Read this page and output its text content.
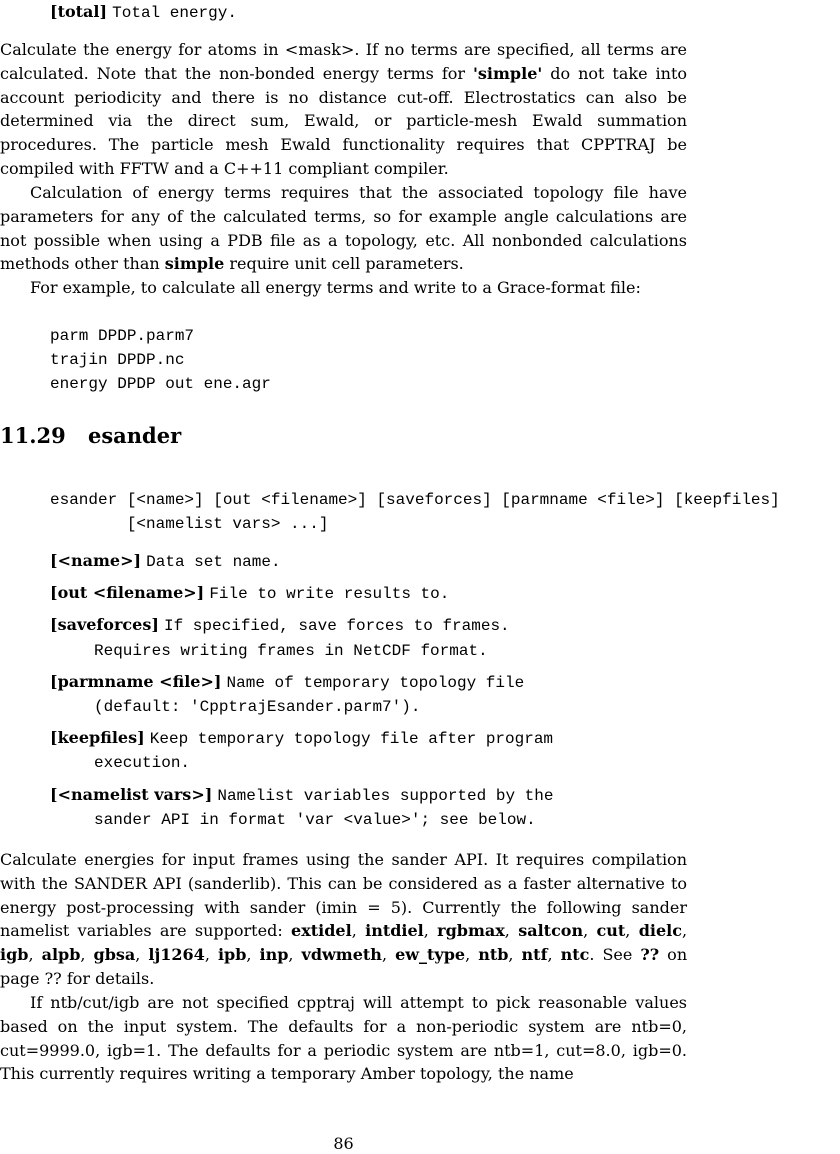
[total] Total energy.

Calculate the energy for atoms in <mask>. If no terms are specified, all terms are calculated. Note that the non-bonded energy terms for 'simple' do not take into account periodicity and there is no distance cut-off. Electrostatics can also be determined via the direct sum, Ewald, or particle-mesh Ewald summation procedures. The particle mesh Ewald functionality requires that CPPTRAJ be compiled with FFTW and a C++11 compliant compiler.

Calculation of energy terms requires that the associated topology file have parameters for any of the calculated terms, so for example angle calculations are not possible when using a PDB file as a topology, etc. All nonbonded calculations methods other than simple require unit cell parameters.

For example, to calculate all energy terms and write to a Grace-format file:

parm DPDP.parm7
trajin DPDP.nc
energy DPDP out ene.agr
11.29 esander
esander [<name>] [out <filename>] [saveforces] [parmname <file>] [keepfiles]
[<namelist vars> ...]
[<name>] Data set name.
[out <filename>] File to write results to.
[saveforces] If specified, save forces to frames.
Requires writing frames in NetCDF format.
[parmname <file>] Name of temporary topology file
(default: 'CpptrajEsander.parm7').
[keepfiles] Keep temporary topology file after program
execution.
[<namelist vars>] Namelist variables supported by the
sander API in format 'var <value>'; see below.

Calculate energies for input frames using the sander API. It requires compilation with the SANDER API (sanderlib). This can be considered as a faster alternative to energy post-processing with sander (imin = 5). Currently the following sander namelist variables are supported: extidel, intdiel, rgbmax, saltcon, cut, dielc, igb, alpb, gbsa, lj1264, ipb, inp, vdwmeth, ew_type, ntb, ntf, ntc. See ?? on page ?? for details.

If ntb/cut/igb are not specified cpptraj will attempt to pick reasonable values based on the input system. The defaults for a non-periodic system are ntb=0, cut=9999.0, igb=1. The defaults for a periodic system are ntb=1, cut=8.0, igb=0. This currently requires writing a temporary Amber topology, the name

86
